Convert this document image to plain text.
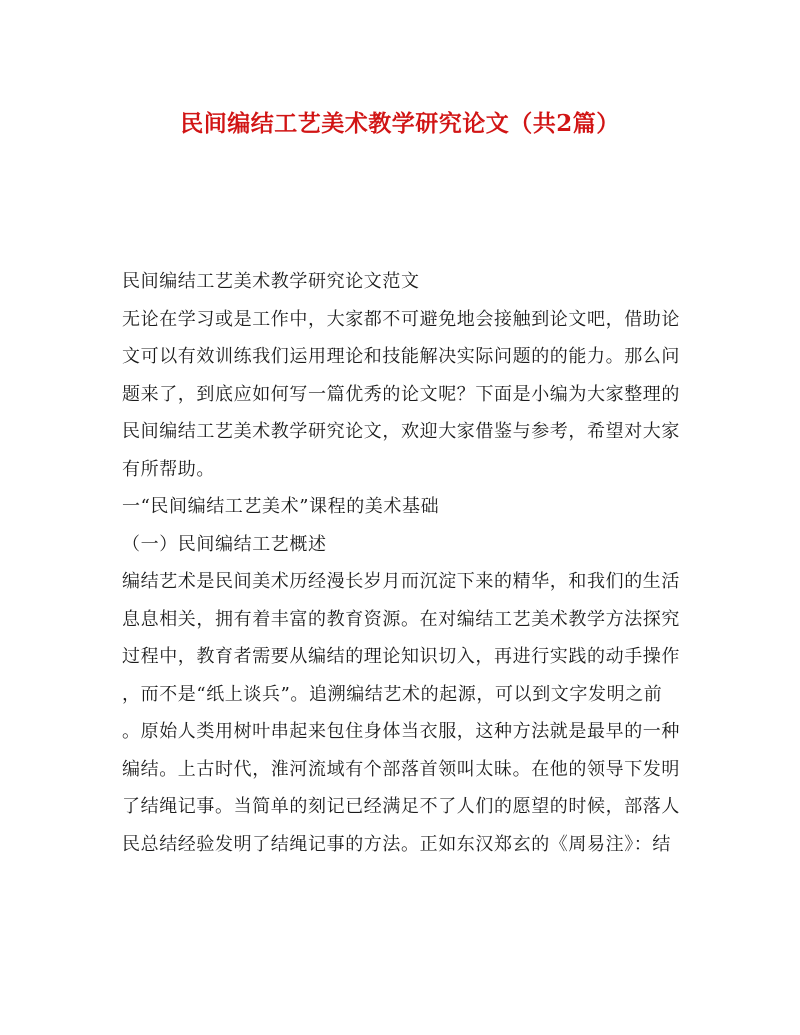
民间编结工艺美术教学研究论文（共2篇）
民间编结工艺美术教学研究论文范文
无论在学习或是工作中，大家都不可避免地会接触到论文吧，借助论
文可以有效训练我们运用理论和技能解决实际问题的的能力。那么问
题来了，到底应如何写一篇优秀的论文呢？下面是小编为大家整理的
民间编结工艺美术教学研究论文，欢迎大家借鉴与参考，希望对大家
有所帮助。
一“民间编结工艺美术”课程的美术基础
（一）民间编结工艺概述
编结艺术是民间美术历经漫长岁月而沉淀下来的精华，和我们的生活
息息相关，拥有着丰富的教育资源。在对编结工艺美术教学方法探究
过程中，教育者需要从编结的理论知识切入，再进行实践的动手操作
，而不是“纸上谈兵”。追溯编结艺术的起源，可以到文字发明之前
。原始人类用树叶串起来包住身体当衣服，这种方法就是最早的一种
编结。上古时代，淮河流域有个部落首领叫太昧。在他的领导下发明
了结绳记事。当简单的刻记已经满足不了人们的愿望的时候，部落人
民总结经验发明了结绳记事的方法。正如东汉郑玄的《周易注》：结
